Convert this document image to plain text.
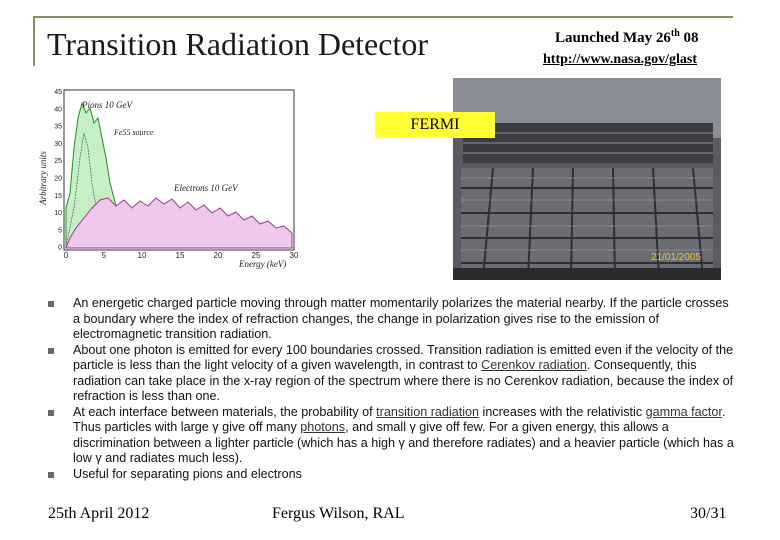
Transition Radiation Detector	Launched May 26th 08
http://www.nasa.gov/glast
Arbitrary units
45
40
35
30
25
20
15
10
5
0
0	5	10	15	20	25	30
Pions 10 GeV
Fe55 source
Electrons 10 GeV
Energy (keV)
21/01/2005
FERMI
An energetic charged particle moving through matter momentarily polarizes the material nearby. If the particle crosses a boundary where the index of refraction changes, the change in polarization gives rise to the emission of electromagnetic transition radiation.
About one photon is emitted for every 100 boundaries crossed. Transition radiation is emitted even if the velocity of the particle is less than the light velocity of a given wavelength, in contrast to Cerenkov radiation. Consequently, this radiation can take place in the x-ray region of the spectrum where there is no Cerenkov radiation, because the index of refraction is less than one.
At each interface between materials, the probability of transition radiation increases with the relativistic gamma factor. Thus particles with large γ give off many photons, and small γ give off few. For a given energy, this allows a discrimination between a lighter particle (which has a high γ and therefore radiates) and a heavier particle (which has a low γ and radiates much less).
Useful for separating pions and electrons
25th April 2012	Fergus Wilson, RAL	30/31
